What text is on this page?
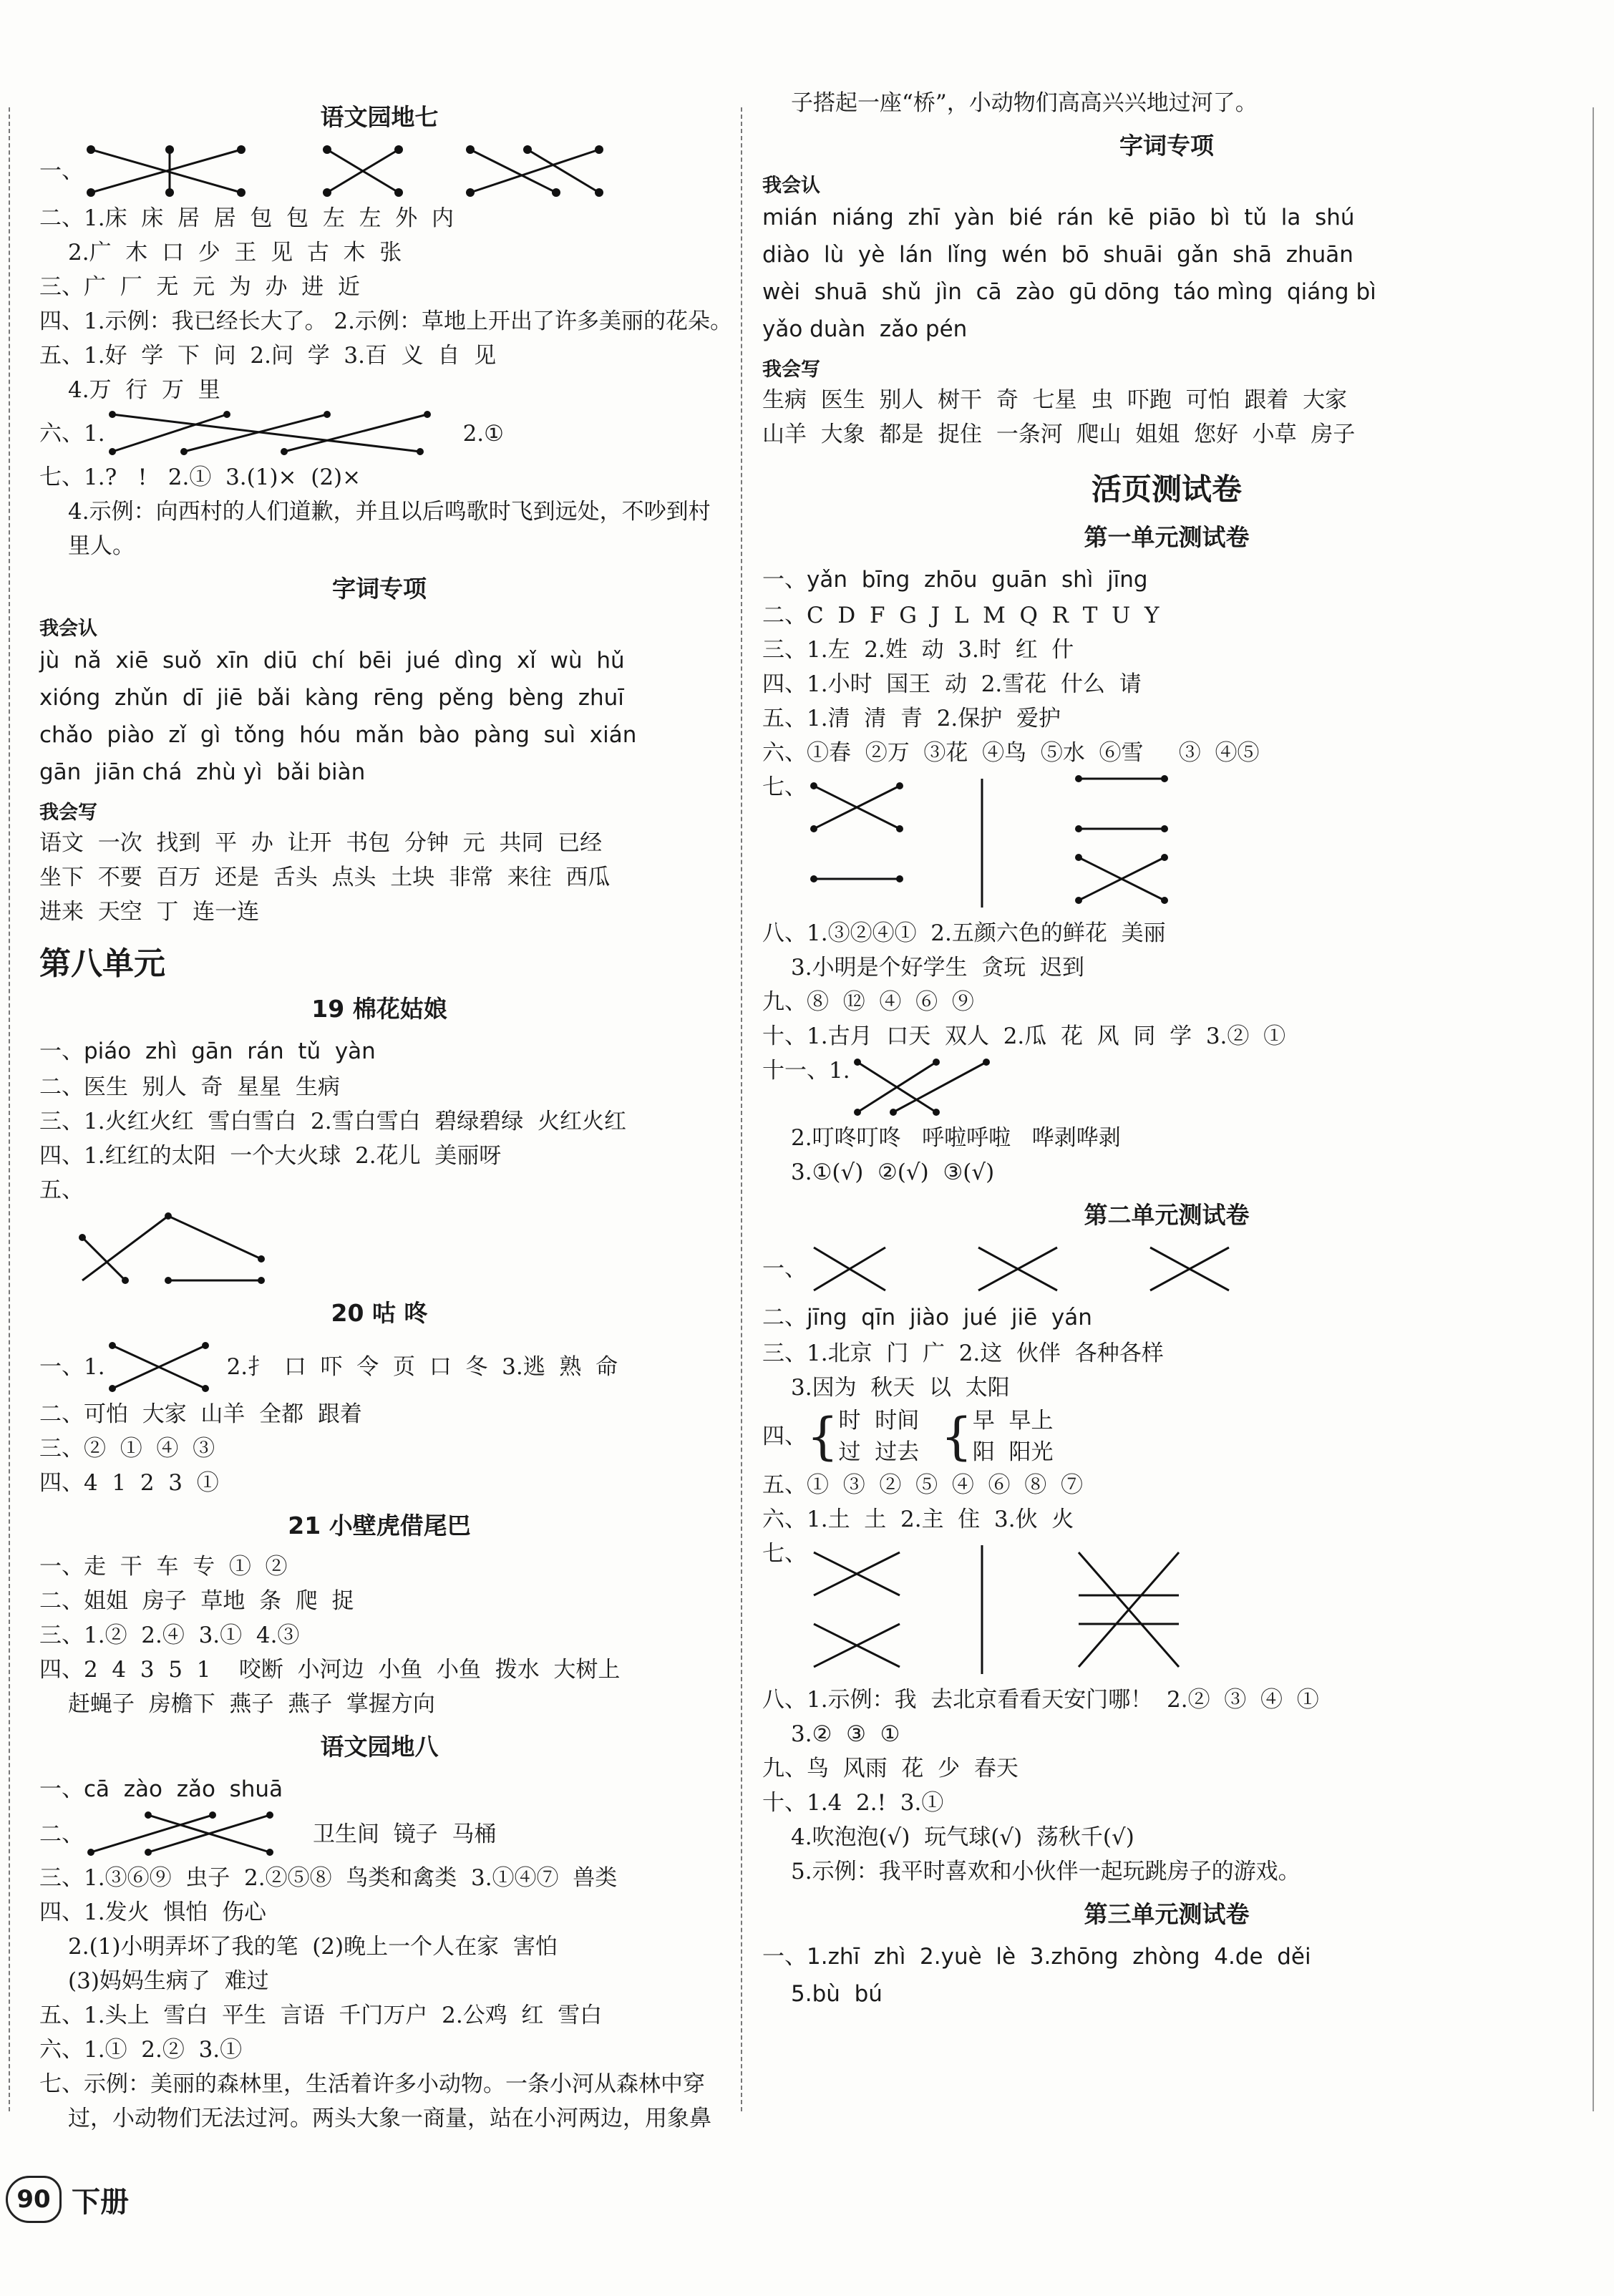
语文园地七
一、

二、1.床  床  居  居  包  包  左  左  外  内

2.广  木  口  少  王  见  古  木  张

三、广  厂  无  元  为  办  进  近

四、1.示例：我已经长大了。 2.示例：草地上开出了许多美丽的花朵。

五、1.好  学  下  问  2.问  学  3.百  义  自  见

4.万  行  万  里

六、1.	2.①

七、1.?   !   2.①  3.(1)×  (2)×

4.示例：向西村的人们道歉，并且以后鸣歌时飞到远处，不吵到村

里人。

字词专项
我会认

jù  nǎ  xiē  suǒ  xīn  diū  chí  bēi  jué  dìng  xǐ  wù  hǔ

xióng  zhǔn  dī  jiē  bǎi  kàng  rēng  pěng  bèng  zhuī

chǎo  piào  zǐ  gì  tǒng  hóu  mǎn  bào  pàng  suì  xián

gān  jiān chá  zhù yì  bǎi biàn

我会写

语文  一次  找到  平  办  让开  书包  分钟  元  共同  已经

坐下  不要  百万  还是  舌头  点头  土块  非常  来往  西瓜

进来  天空  丁  连一连

第八单元
19 棉花姑娘

一、piáo  zhì  gān  rán  tǔ  yàn

二、医生  别人  奇  星星  生病

三、1.火红火红  雪白雪白  2.雪白雪白  碧绿碧绿  火红火红

四、1.红红的太阳  一个大火球  2.花儿  美丽呀

五、

20 咕 咚
一、1.	2.扌  口  吓  令  页  口  冬  3.逃  熟  命

二、可怕  大家  山羊  全都  跟着

三、②  ①  ④  ③

四、4  1  2  3  ①

21 小壁虎借尾巴

一、走  干  车  专  ①  ②

二、姐姐  房子  草地  条  爬  捉

三、1.②  2.④  3.①  4.③

四、2  4  3  5  1    咬断  小河边  小鱼  小鱼  拨水  大树上

赶蝇子  房檐下  燕子  燕子  掌握方向

语文园地八

一、cā  zào  zǎo  shuā

二、	卫生间  镜子  马桶

三、1.③⑥⑨  虫子  2.②⑤⑧  鸟类和禽类  3.①④⑦  兽类

四、1.发火  惧怕  伤心

2.(1)小明弄坏了我的笔  (2)晚上一个人在家  害怕

(3)妈妈生病了  难过

五、1.头上  雪白  平生  言语  千门万户  2.公鸡  红  雪白

六、1.①  2.②  3.①

七、示例：美丽的森林里，生活着许多小动物。一条小河从森林中穿

过，小动物们无法过河。两头大象一商量，站在小河两边，用象鼻

子搭起一座“桥”，小动物们高高兴兴地过河了。

字词专项
我会认

mián  niáng  zhī  yàn  bié  rán  kē  piāo  bì  tǔ  la  shú

diào  lù  yè  lán  lǐng  wén  bō  shuāi  gǎn  shā  zhuān

wèi  shuā  shǔ  jìn  cā  zào  gū dōng  táo mìng  qiáng bì

yǎo duàn  zǎo pén

我会写

生病  医生  别人  树干  奇  七星  虫  吓跑  可怕  跟着  大家

山羊  大象  都是  捉住  一条河  爬山  姐姐  您好  小草  房子

活页测试卷
第一单元测试卷

一、yǎn  bīng  zhōu  guān  shì  jīng

二、C  D  F  G  J  L  M  Q  R  T  U  Y

三、1.左  2.姓  动  3.时  红  什

四、1.小时  国王  动  2.雪花  什么  请

五、1.清  清  青  2.保护  爱护

六、①春  ②万  ③花  ④鸟  ⑤水  ⑥雪     ③  ④⑤

七、

八、1.③②④①  2.五颜六色的鲜花  美丽

3.小明是个好学生  贪玩  迟到

九、⑧  ⑫  ④  ⑥  ⑨

十、1.古月  口天  双人  2.瓜  花  风  同  学  3.②  ①

十一、1.

2.叮咚叮咚   呼啦呼啦   哗剥哗剥

3.①(√)  ②(√)  ③(√)

第二单元测试卷
一、

二、jīng  qīn  jiào  jué  jiē  yán

三、1.北京  门  广  2.这  伙伴  各种各样

3.因为  秋天  以  太阳

四、 { 时  时间
过  过去 { 早  早上
阳  阳光

五、①  ③  ②  ⑤  ④  ⑥  ⑧  ⑦

六、1.土  土  2.主  住  3.伙  火

七、

八、1.示例：我  去北京看看天安门哪！  2.②  ③  ④  ①

3.②  ③  ①

九、鸟  风雨  花  少  春天

十、1.4  2.!  3.①

4.吹泡泡(√)  玩气球(√)  荡秋千(√)

5.示例：我平时喜欢和小伙伴一起玩跳房子的游戏。

第三单元测试卷

一、1.zhī  zhì  2.yuè  lè  3.zhōng  zhòng  4.de  děi

5.bù  bú

90 下册
